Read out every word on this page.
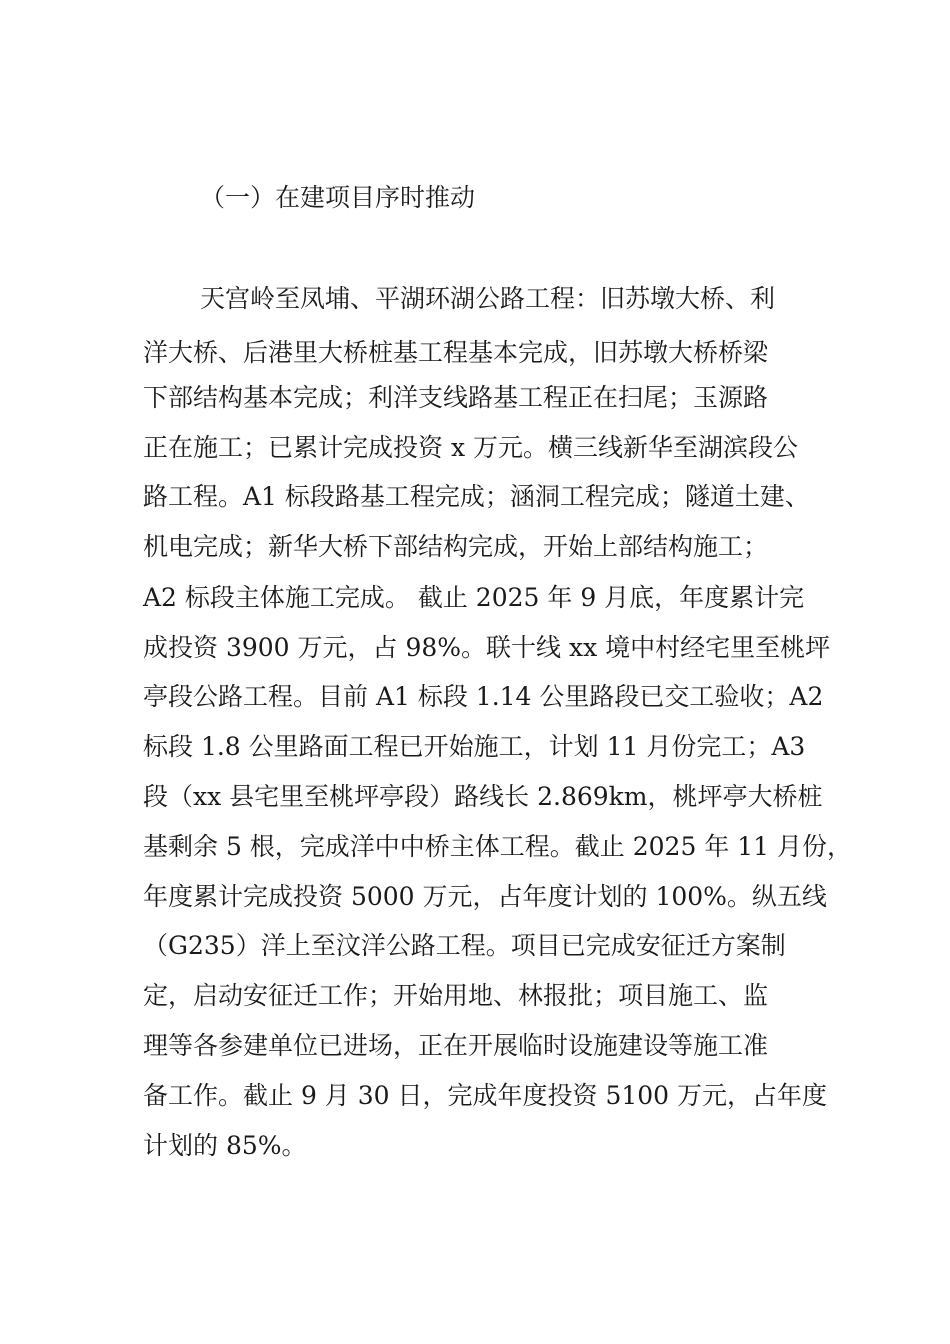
（一）在建项目序时推动
天宫岭至凤埔、平湖环湖公路工程：旧苏墩大桥、利
洋大桥、后港里大桥桩基工程基本完成，旧苏墩大桥桥梁
下部结构基本完成；利洋支线路基工程正在扫尾；玉源路
正在施工；已累计完成投资 x 万元。横三线新华至湖滨段公
路工程。A1 标段路基工程完成；涵洞工程完成；隧道土建、
机电完成；新华大桥下部结构完成，开始上部结构施工；
A2 标段主体施工完成。 截止 2025 年 9 月底，年度累计完
成投资 3900 万元，占 98%。联十线 xx 境中村经宅里至桃坪
亭段公路工程。目前 A1 标段 1.14 公里路段已交工验收；A2
标段 1.8 公里路面工程已开始施工，计划 11 月份完工；A3
段（xx 县宅里至桃坪亭段）路线长 2.869km，桃坪亭大桥桩
基剩余 5 根，完成洋中中桥主体工程。截止 2025 年 11 月份，
年度累计完成投资 5000 万元，占年度计划的 100%。纵五线
（G235）洋上至汶洋公路工程。项目已完成安征迁方案制
定，启动安征迁工作；开始用地、林报批；项目施工、监
理等各参建单位已进场，正在开展临时设施建设等施工准
备工作。截止 9 月 30 日，完成年度投资 5100 万元，占年度
计划的 85%。
